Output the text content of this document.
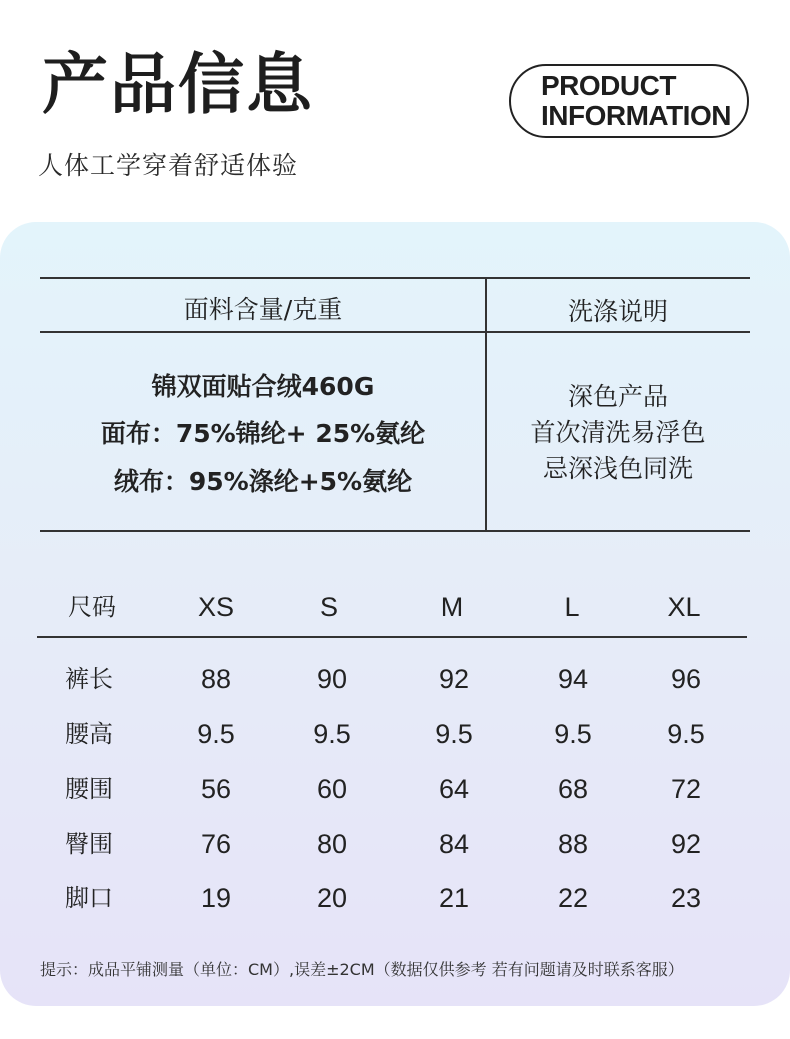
产品信息
人体工学穿着舒适体验
PRODUCT
INFORMATION
面料含量/克重	洗涤说明
锦双面贴合绒460G
面布：75%锦纶+ 25%氨纶
绒布：95%涤纶+5%氨纶
深色产品
首次清洗易浮色
忌深浅色同洗
尺码	XS	S	M	L	XL
裤长	88	90	92	94	96
腰高	9.5	9.5	9.5	9.5	9.5
腰围	56	60	64	68	72
臀围	76	80	84	88	92
脚口	19	20	21	22	23
提示：成品平铺测量（单位：CM）,误差±2CM（数据仅供参考 若有问题请及时联系客服）
